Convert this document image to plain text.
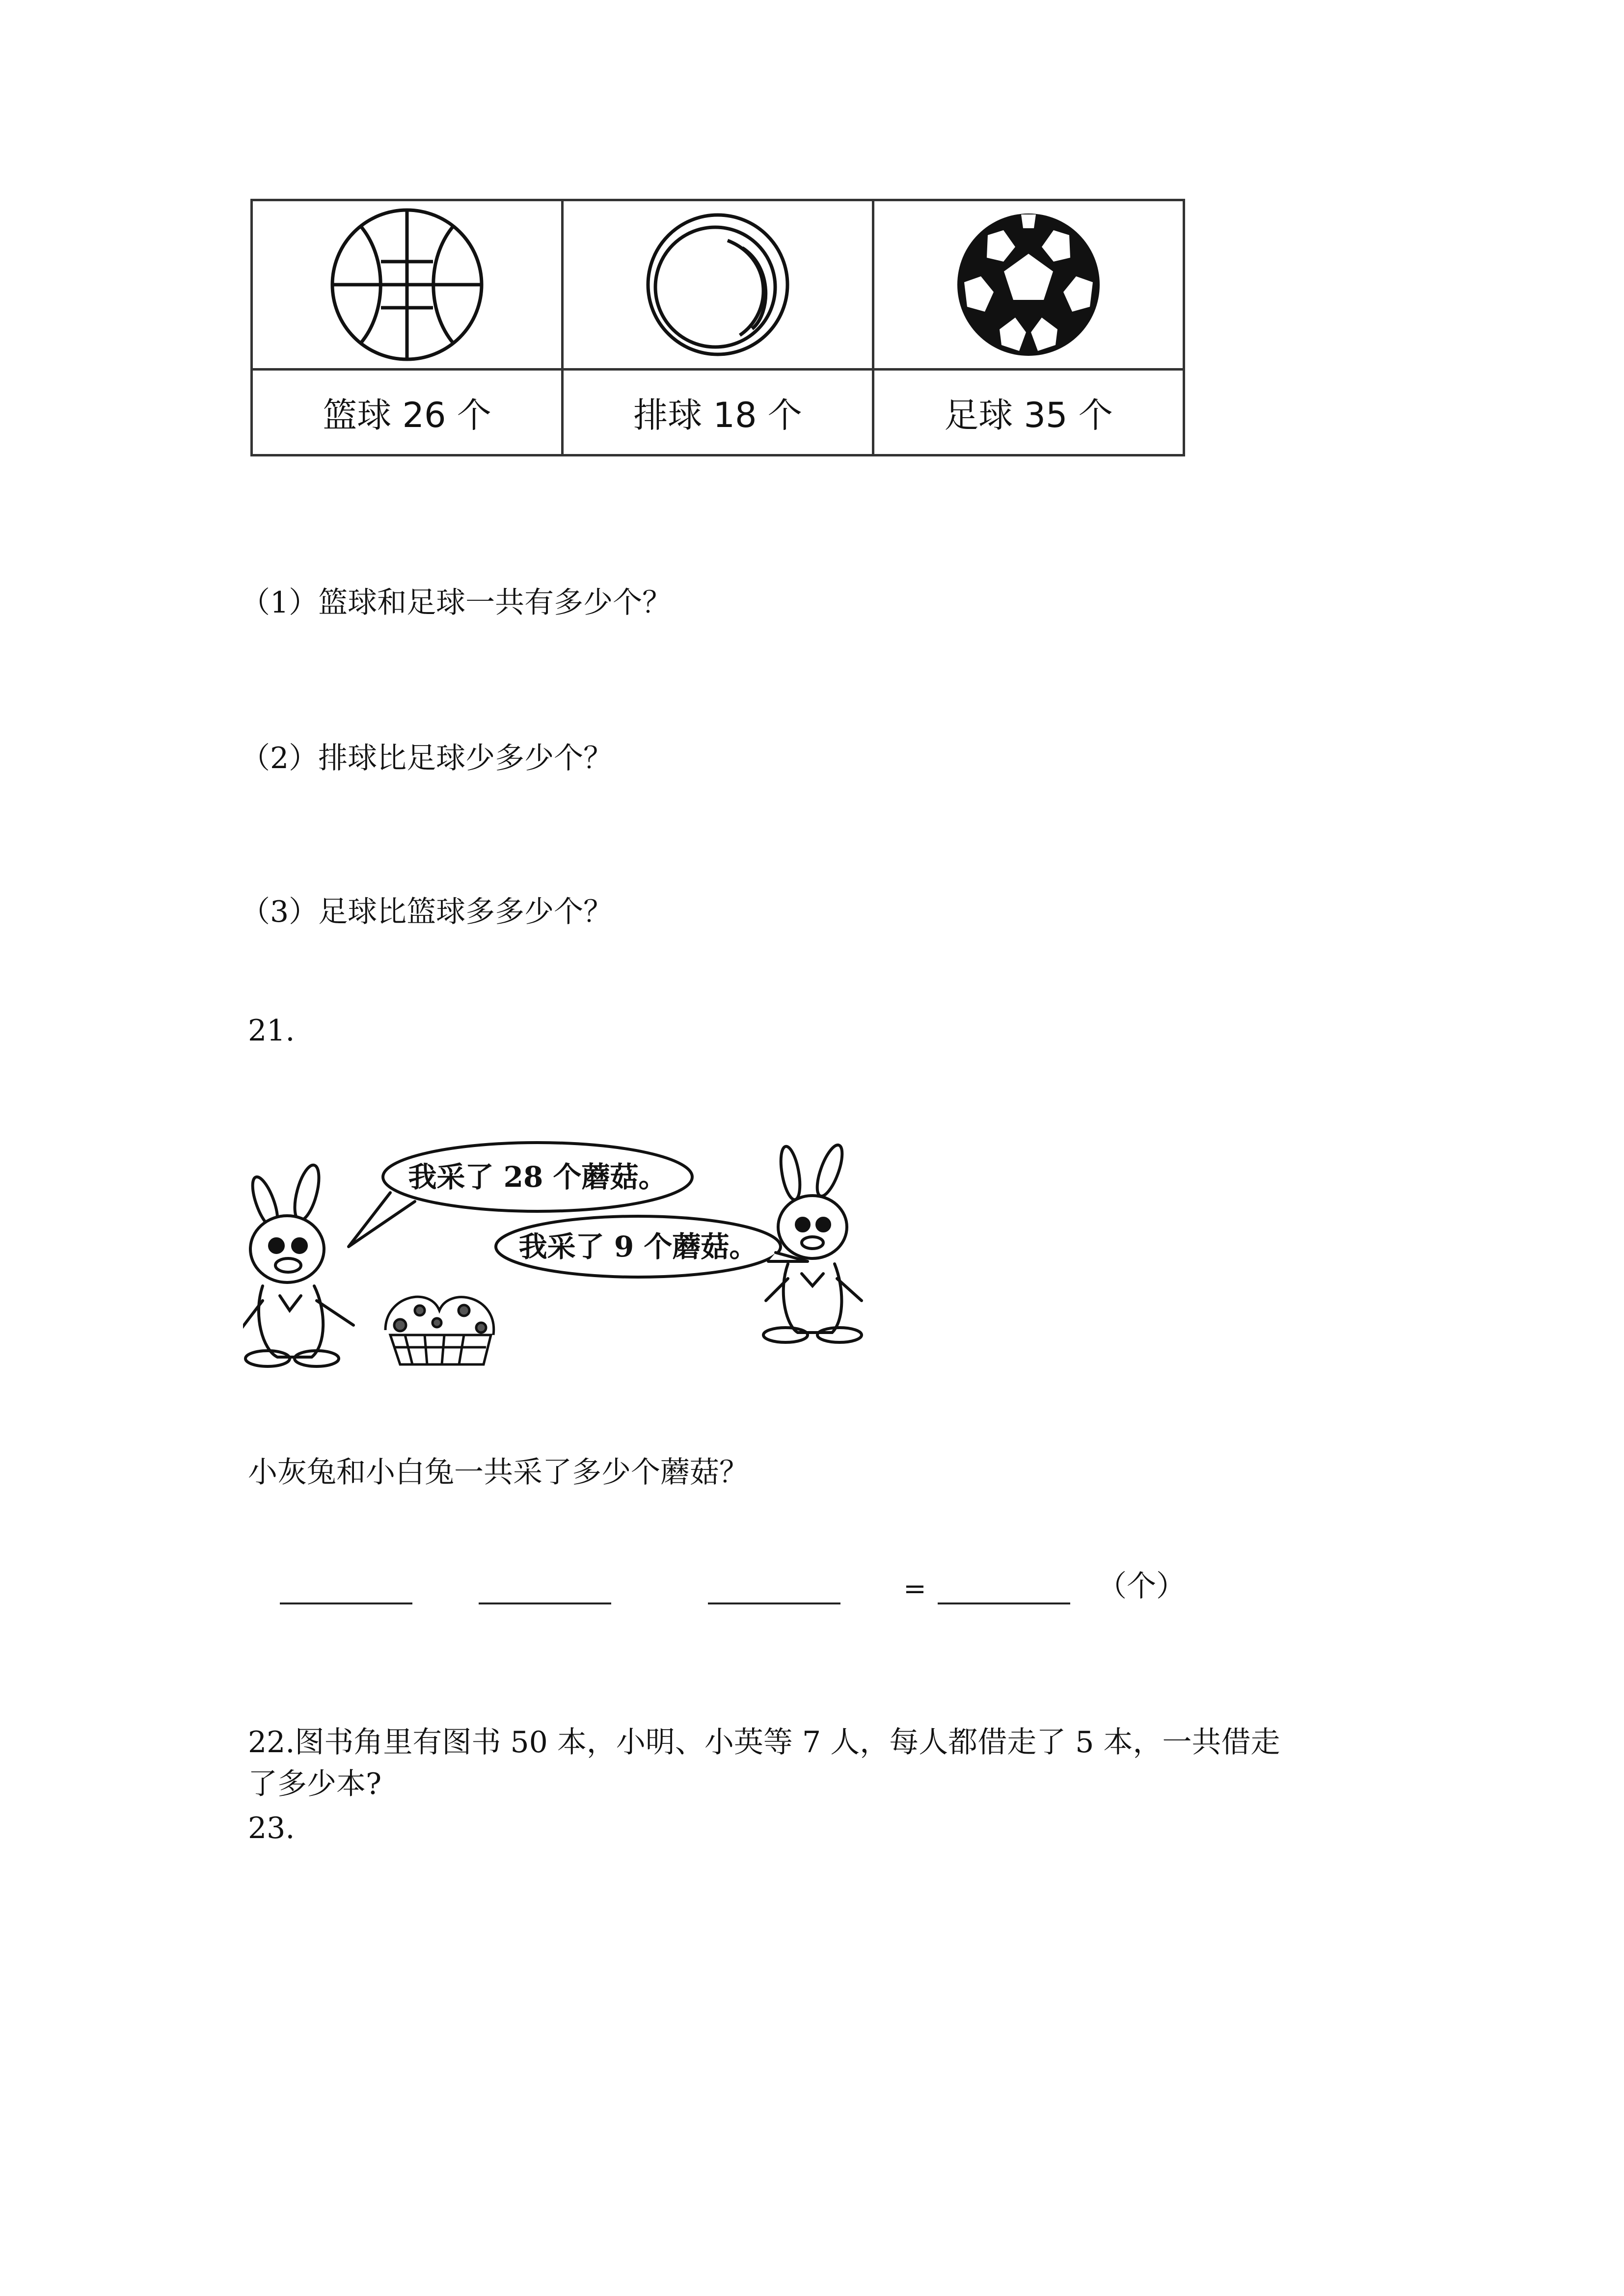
篮球 26 个	排球 18 个	足球 35 个
（1）篮球和足球一共有多少个？
（2）排球比足球少多少个？
（3）足球比篮球多多少个？
21.
我采了 28 个蘑菇。
我采了 9 个蘑菇。
小灰兔和小白兔一共采了多少个蘑菇？
=	（个）
22.图书角里有图书 50 本，小明、小英等 7 人，每人都借走了 5 本，一共借走
了多少本?
23.
